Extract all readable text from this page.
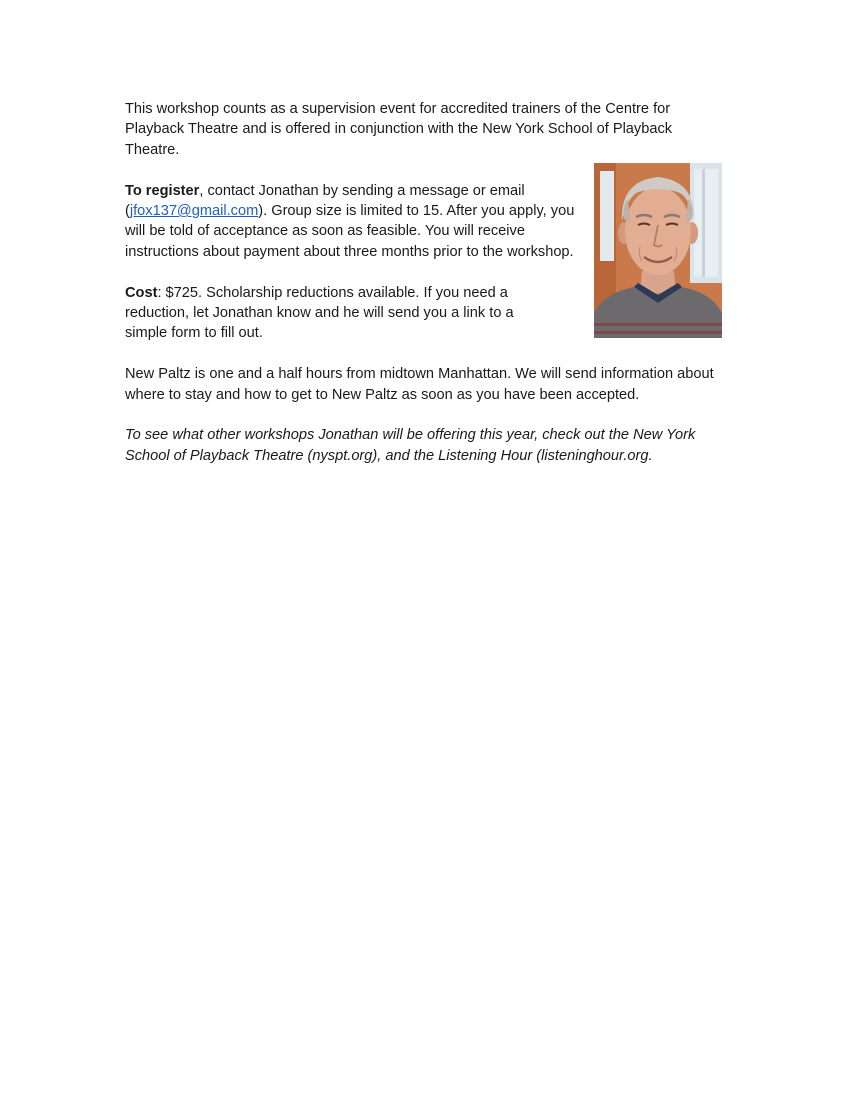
This workshop counts as a supervision event for accredited trainers of the Centre for Playback Theatre and is offered in conjunction with the New York School of Playback Theatre.

To register, contact Jonathan by sending a message or email (jfox137@gmail.com). Group size is limited to 15. After you apply, you will be told of acceptance as soon as feasible. You will receive instructions about payment about three months prior to the workshop.

Cost: $725. Scholarship reductions available. If you need a reduction, let Jonathan know and he will send you a link to a simple form to fill out.

New Paltz is one and a half hours from midtown Manhattan. We will send information about where to stay and how to get to New Paltz as soon as you have been accepted.

To see what other workshops Jonathan will be offering this year, check out the New York School of Playback Theatre (nyspt.org), and the Listening Hour (listeninghour.org.
